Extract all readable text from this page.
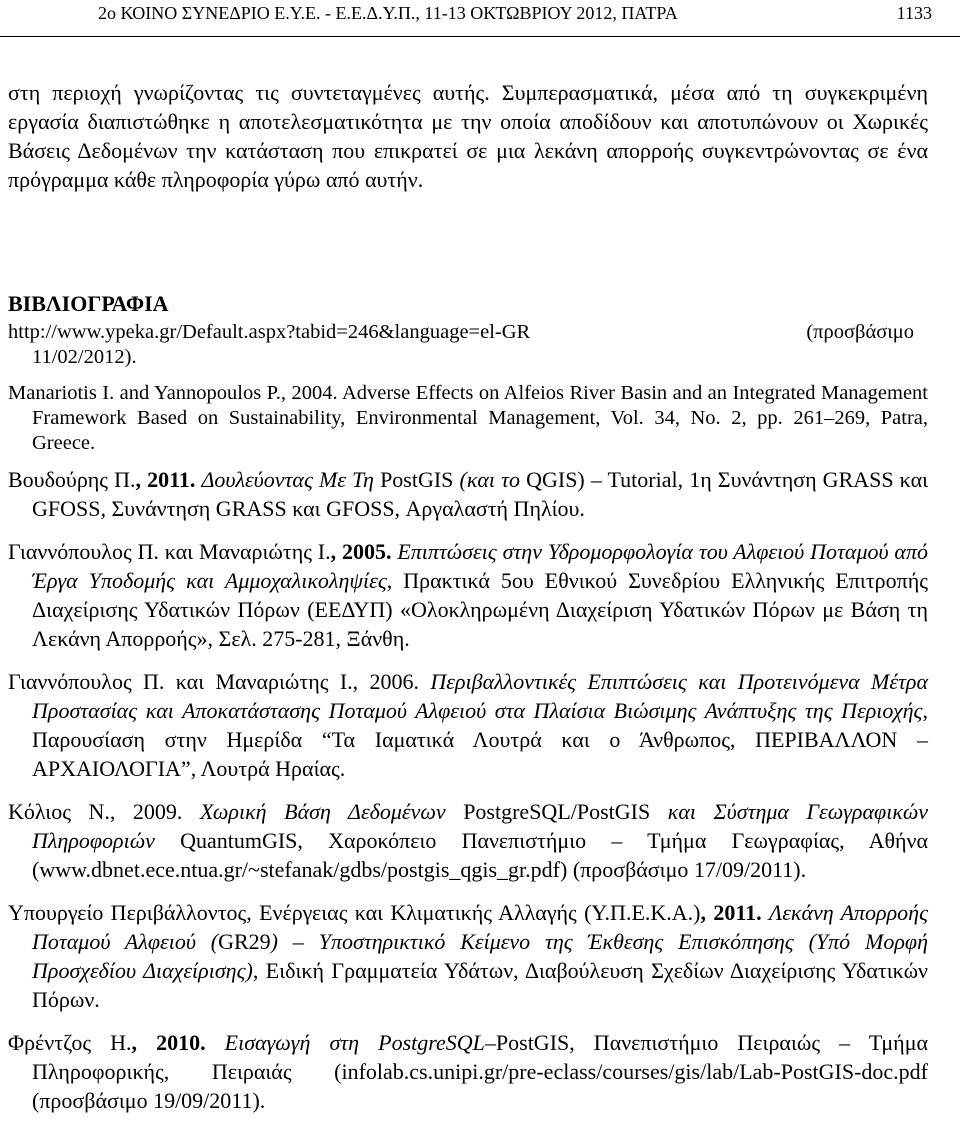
2ο ΚΟΙΝΟ ΣΥΝΕΔΡΙΟ Ε.Υ.Ε. - Ε.Ε.Δ.Υ.Π., 11-13 ΟΚΤΩΒΡΙΟΥ 2012, ΠΑΤΡΑ	1133
στη περιοχή γνωρίζοντας τις συντεταγμένες αυτής. Συμπερασματικά, μέσα από τη συγκεκριμένη εργασία διαπιστώθηκε η αποτελεσματικότητα με την οποία αποδίδουν και αποτυπώνουν οι Χωρικές Βάσεις Δεδομένων την κατάσταση που επικρατεί σε μια λεκάνη απορροής συγκεντρώνοντας σε ένα πρόγραμμα κάθε πληροφορία γύρω από αυτήν.
ΒΙΒΛΙΟΓΡΑΦΙΑ
http://www.ypeka.gr/Default.aspx?tabid=246&language=el-GR	(προσβάσιμο
11/02/2012).
Manariotis I. and Yannopoulos P., 2004. Adverse Effects on Alfeios River Basin and an Integrated Management Framework Based on Sustainability, Environmental Management, Vol. 34, No. 2, pp. 261–269, Patra, Greece.
Βουδούρης Π., 2011. Δουλεύοντας Με Τη PostGIS (και το QGIS) – Tutorial, 1η Συνάντηση GRASS και GFOSS, Συνάντηση GRASS και GFOSS, Αργαλαστή Πηλίου.
Γιαννόπουλος Π. και Μαναριώτης Ι., 2005. Επιπτώσεις στην Υδρομορφολογία του Αλφειού Ποταμού από Έργα Υποδομής και Αμμοχαλικοληψίες, Πρακτικά 5ου Εθνικού Συνεδρίου Ελληνικής Επιτροπής Διαχείρισης Υδατικών Πόρων (ΕΕΔΥΠ) «Ολοκληρωμένη Διαχείριση Υδατικών Πόρων με Βάση τη Λεκάνη Απορροής», Σελ. 275-281, Ξάνθη.
Γιαννόπουλος Π. και Μαναριώτης Ι., 2006. Περιβαλλοντικές Επιπτώσεις και Προτεινόμενα Μέτρα Προστασίας και Αποκατάστασης Ποταμού Αλφειού στα Πλαίσια Βιώσιμης Ανάπτυξης της Περιοχής, Παρουσίαση στην Ημερίδα “Τα Ιαματικά Λουτρά και ο Άνθρωπος, ΠΕΡΙΒΑΛΛΟΝ – ΑΡΧΑΙΟΛΟΓΙΑ”, Λουτρά Ηραίας.
Κόλιος Ν., 2009. Χωρική Βάση Δεδομένων PostgreSQL/PostGIS και Σύστημα Γεωγραφικών Πληροφοριών QuantumGIS, Χαροκόπειο Πανεπιστήμιο – Τμήμα Γεωγραφίας, Αθήνα (www.dbnet.ece.ntua.gr/~stefanak/gdbs/postgis_qgis_gr.pdf) (προσβάσιμο 17/09/2011).
Υπουργείο Περιβάλλοντος, Ενέργειας και Κλιματικής Αλλαγής (Υ.Π.Ε.Κ.Α.), 2011. Λεκάνη Απορροής Ποταμού Αλφειού (GR29) – Υποστηρικτικό Κείμενο της Έκθεσης Επισκόπησης (Υπό Μορφή Προσχεδίου Διαχείρισης), Ειδική Γραμματεία Υδάτων, Διαβούλευση Σχεδίων Διαχείρισης Υδατικών Πόρων.
Φρέντζος Η., 2010. Εισαγωγή στη PostgreSQL–PostGIS, Πανεπιστήμιο Πειραιώς – Τμήμα Πληροφορικής, Πειραιάς (infolab.cs.unipi.gr/pre-eclass/courses/gis/lab/Lab-PostGIS-doc.pdf (προσβάσιμο 19/09/2011).
